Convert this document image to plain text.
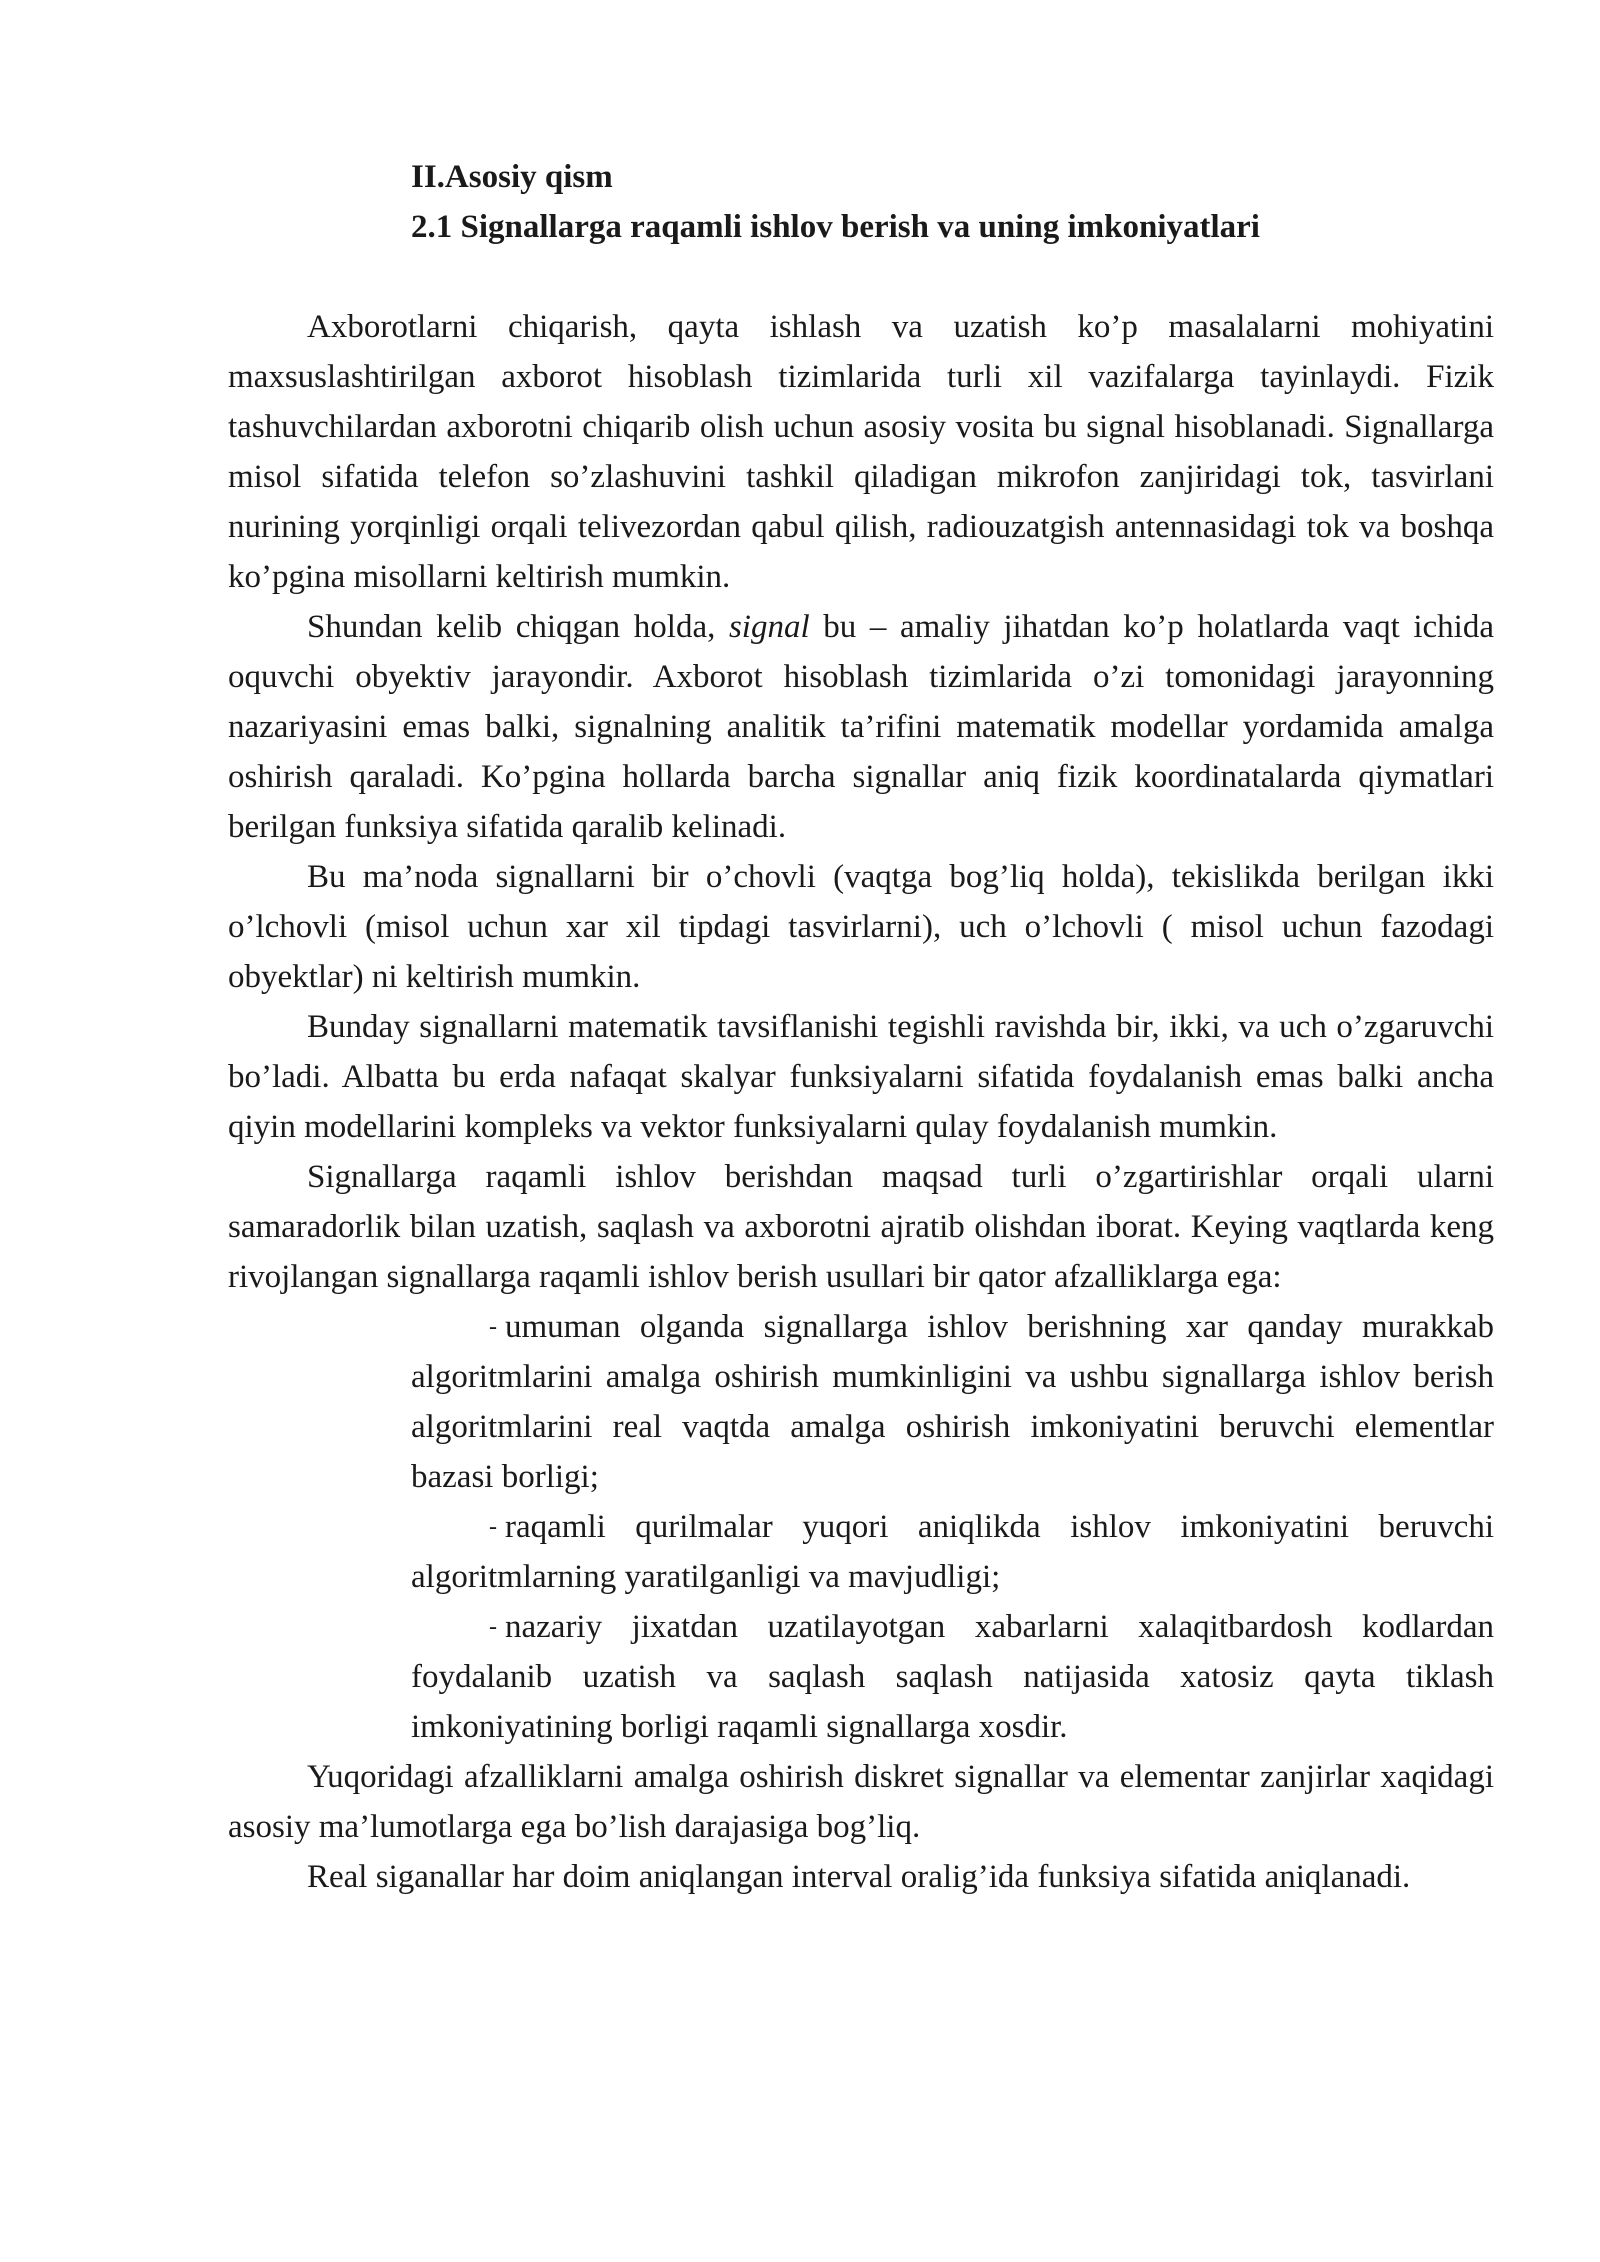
II.Asosiy qism

2.1 Signallarga raqamli ishlov berish va uning imkoniyatlari

Axborotlarni chiqarish, qayta ishlash va uzatish ko’p masalalarni mohiyatini maxsuslashtirilgan axborot hisoblash tizimlarida turli xil vazifalarga tayinlaydi. Fizik tashuvchilardan axborotni chiqarib olish uchun asosiy vosita bu signal hisoblanadi. Signallarga misol sifatida telefon so’zlashuvini tashkil qiladigan mikrofon zanjiridagi tok, tasvirlani nurining yorqinligi orqali telivezordan qabul qilish, radiouzatgish antennasidagi tok va boshqa ko’pgina misollarni keltirish mumkin.

Shundan kelib chiqgan holda, signal bu – amaliy jihatdan ko’p holatlarda vaqt ichida oquvchi obyektiv jarayondir. Axborot hisoblash tizimlarida o’zi tomonidagi jarayonning nazariyasini emas balki, signalning analitik ta’rifini matematik modellar yordamida amalga oshirish qaraladi. Ko’pgina hollarda barcha signallar aniq fizik koordinatalarda qiymatlari berilgan funksiya sifatida qaralib kelinadi.

Bu ma’noda signallarni bir o’chovli (vaqtga bog’liq holda), tekislikda berilgan ikki o’lchovli (misol uchun xar xil tipdagi tasvirlarni), uch o’lchovli ( misol uchun fazodagi obyektlar) ni keltirish mumkin.

Bunday signallarni matematik tavsiflanishi tegishli ravishda bir, ikki, va uch o’zgaruvchi bo’ladi. Albatta bu erda nafaqat skalyar funksiyalarni sifatida foydalanish emas balki ancha qiyin modellarini kompleks va vektor funksiyalarni qulay foydalanish mumkin.

Signallarga raqamli ishlov berishdan maqsad turli o’zgartirishlar orqali ularni samaradorlik bilan uzatish, saqlash va axborotni ajratib olishdan iborat. Keying vaqtlarda keng rivojlangan signallarga raqamli ishlov berish usullari bir qator afzalliklarga ega:

- umuman olganda signallarga ishlov berishning xar qanday murakkab algoritmlarini amalga oshirish mumkinligini va ushbu signallarga ishlov berish algoritmlarini real vaqtda amalga oshirish imkoniyatini beruvchi elementlar bazasi borligi;

- raqamli qurilmalar yuqori aniqlikda ishlov imkoniyatini beruvchi algoritmlarning yaratilganligi va mavjudligi;

- nazariy jixatdan uzatilayotgan xabarlarni xalaqitbardosh kodlardan foydalanib uzatish va saqlash saqlash natijasida xatosiz qayta tiklash imkoniyatining borligi raqamli signallarga xosdir.

Yuqoridagi afzalliklarni amalga oshirish diskret signallar va elementar zanjirlar xaqidagi asosiy ma’lumotlarga ega bo’lish darajasiga bog’liq.

Real siganallar har doim aniqlangan interval oralig’ida funksiya sifatida aniqlanadi.
